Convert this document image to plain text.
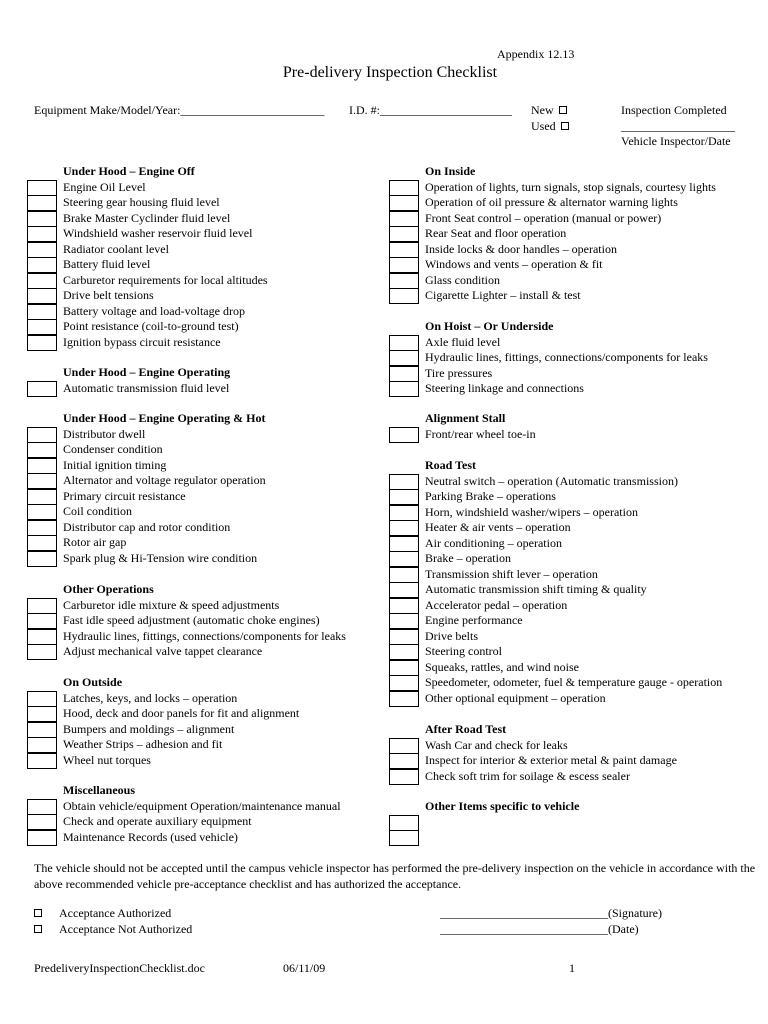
Appendix 12.13
Pre-delivery Inspection Checklist
Equipment Make/Model/Year:________________________ I.D. #:______________________ New
Used
Inspection Completed
___________________
Vehicle Inspector/Date
Under Hood – Engine Off
Engine Oil Level
Steering gear housing fluid level
Brake Master Cyclinder fluid level
Windshield washer reservoir fluid level
Radiator coolant level
Battery fluid level
Carburetor requirements for local altitudes
Drive belt tensions
Battery voltage and load-voltage drop
Point resistance (coil-to-ground test)
Ignition bypass circuit resistance
Under Hood – Engine Operating
Automatic transmission fluid level
Under Hood – Engine Operating & Hot
Distributor dwell
Condenser condition
Initial ignition timing
Alternator and voltage regulator operation
Primary circuit resistance
Coil condition
Distributor cap and rotor condition
Rotor air gap
Spark plug & Hi-Tension wire condition
Other Operations
Carburetor idle mixture & speed adjustments
Fast idle speed adjustment (automatic choke engines)
Hydraulic lines, fittings, connections/components for leaks
Adjust mechanical valve tappet clearance
On Outside
Latches, keys, and locks – operation
Hood, deck and door panels for fit and alignment
Bumpers and moldings – alignment
Weather Strips – adhesion and fit
Wheel nut torques
Miscellaneous
Obtain vehicle/equipment Operation/maintenance manual
Check and operate auxiliary equipment
Maintenance Records (used vehicle)
On Inside
Operation of lights, turn signals, stop signals, courtesy lights
Operation of oil pressure & alternator warning lights
Front Seat control – operation (manual or power)
Rear Seat and floor operation
Inside locks & door handles – operation
Windows and vents – operation & fit
Glass condition
Cigarette Lighter – install & test
On Hoist – Or Underside
Axle fluid level
Hydraulic lines, fittings, connections/components for leaks
Tire pressures
Steering linkage and connections
Alignment Stall
Front/rear wheel toe-in
Road Test
Neutral switch – operation (Automatic transmission)
Parking Brake – operations
Horn, windshield washer/wipers – operation
Heater & air vents – operation
Air conditioning – operation
Brake – operation
Transmission shift lever – operation
Automatic transmission shift timing & quality
Accelerator pedal – operation
Engine performance
Drive belts
Steering control
Squeaks, rattles, and wind noise
Speedometer, odometer, fuel & temperature gauge - operation
Other optional equipment – operation
After Road Test
Wash Car and check for leaks
Inspect for interior & exterior metal & paint damage
Check soft trim for soilage & escess sealer
Other Items specific to vehicle
The vehicle should not be accepted until the campus vehicle inspector has performed the pre-delivery inspection on the vehicle in accordance with the above recommended vehicle pre-acceptance checklist and has authorized the acceptance.
Acceptance Authorized
Acceptance Not Authorized
____________________________(Signature)
____________________________(Date)
PredeliveryInspectionChecklist.doc	06/11/09	1
